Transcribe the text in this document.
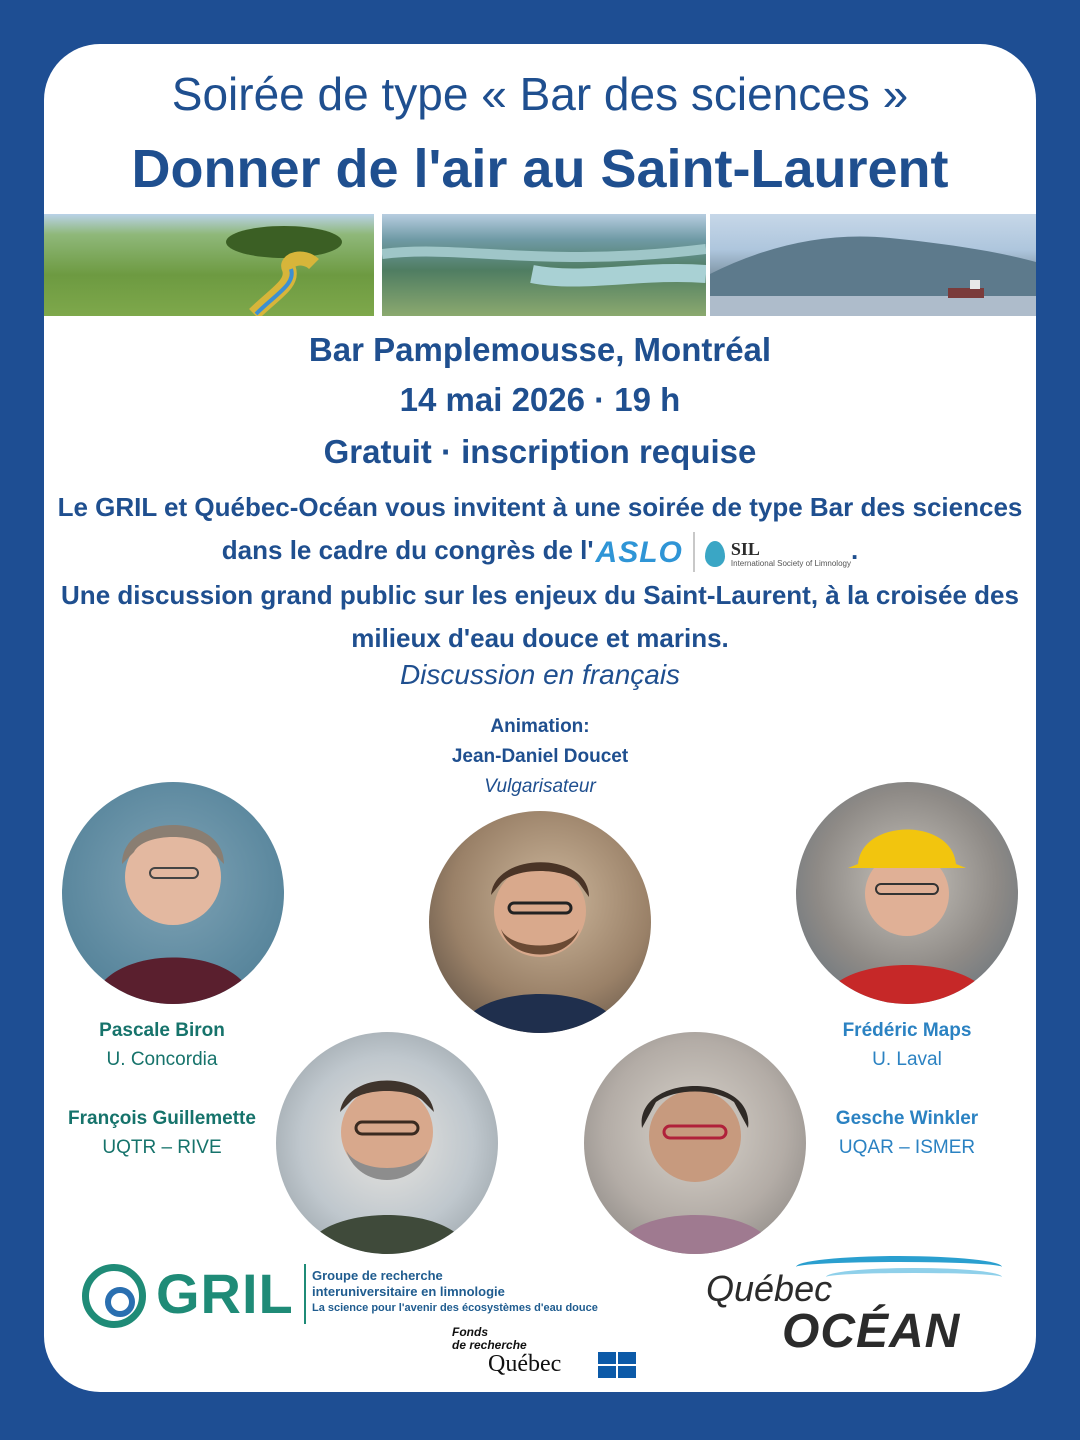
Soirée de type « Bar des sciences »
Donner de l'air au Saint-Laurent
Bar Pamplemousse, Montréal
14 mai 2026 · 19 h
Gratuit · inscription requise
Le GRIL et Québec-Océan vous invitent à une soirée de type Bar des sciences dans le cadre du congrès de l'ASLO	SIL
International Society of Limnology .
Une discussion grand public sur les enjeux du Saint-Laurent, à la croisée des milieux d'eau douce et marins.
Discussion en français
Animation:
Jean-Daniel Doucet
Vulgarisateur
Pascale Biron
U. Concordia
Frédéric Maps
U. Laval
François Guillemette
UQTR – RIVE
Gesche Winkler
UQAR – ISMER
GRIL Groupe de recherche
interuniversitaire en limnologie
La science pour l'avenir des écosystèmes d'eau douce
Fonds
de recherche
Québec
Québec
OCÉAN
